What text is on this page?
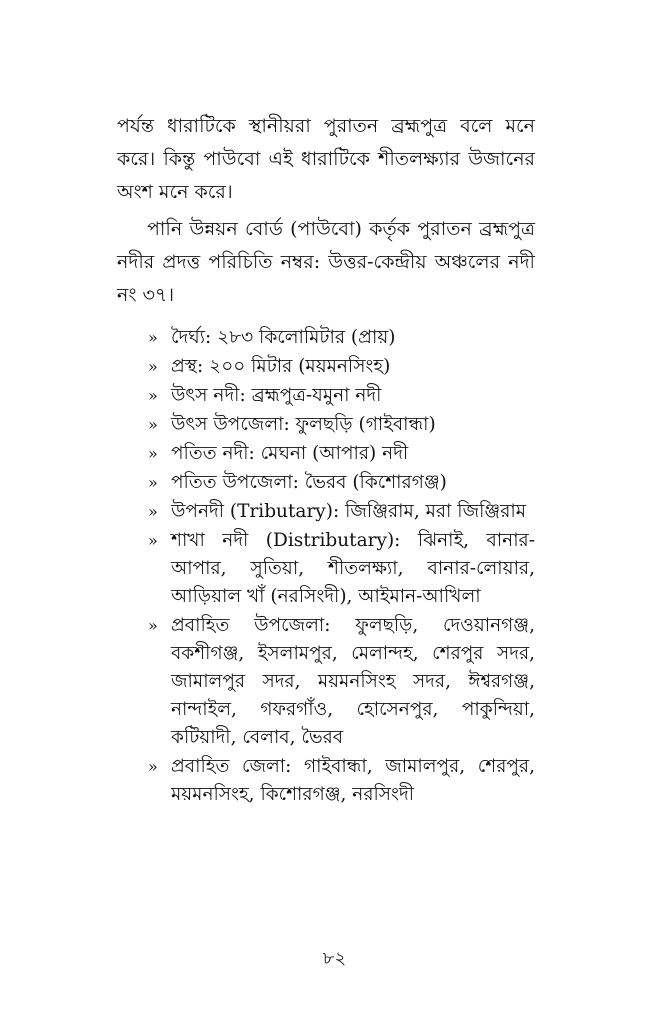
পর্যন্ত ধারাটিকে স্থানীয়রা পুরাতন ব্রহ্মপুত্র বলে মনে করে। কিন্তু পাউবো এই ধারাটিকে শীতলক্ষ্যার উজানের অংশ মনে করে।

পানি উন্নয়ন বোর্ড (পাউবো) কর্তৃক পুরাতন ব্রহ্মপুত্র নদীর প্রদত্ত পরিচিতি নম্বর: উত্তর-কেন্দ্রীয় অঞ্চলের নদী নং ৩৭।

» দৈর্ঘ্য: ২৮৩ কিলোমিটার (প্রায়)
» প্রস্থ: ২০০ মিটার (ময়মনসিংহ)
» উৎস নদী: ব্রহ্মপুত্র-যমুনা নদী
» উৎস উপজেলা: ফুলছড়ি (গাইবান্ধা)
» পতিত নদী: মেঘনা (আপার) নদী
» পতিত উপজেলা: ভৈরব (কিশোরগঞ্জ)
» উপনদী (Tributary): জিঞ্জিরাম, মরা জিঞ্জিরাম
» শাখা নদী (Distributary): ঝিনাই, বানার-আপার, সুতিয়া, শীতলক্ষ্যা, বানার-লোয়ার, আড়িয়াল খাঁ (নরসিংদী), আইমান-আখিলা
» প্রবাহিত উপজেলা: ফুলছড়ি, দেওয়ানগঞ্জ, বকশীগঞ্জ, ইসলামপুর, মেলান্দহ, শেরপুর সদর, জামালপুর সদর, ময়মনসিংহ সদর, ঈশ্বরগঞ্জ, নান্দাইল, গফরগাঁও, হোসেনপুর, পাকুন্দিয়া, কটিয়াদী, বেলাব, ভৈরব
» প্রবাহিত জেলা: গাইবান্ধা, জামালপুর, শেরপুর, ময়মনসিংহ, কিশোরগঞ্জ, নরসিংদী
৮২
